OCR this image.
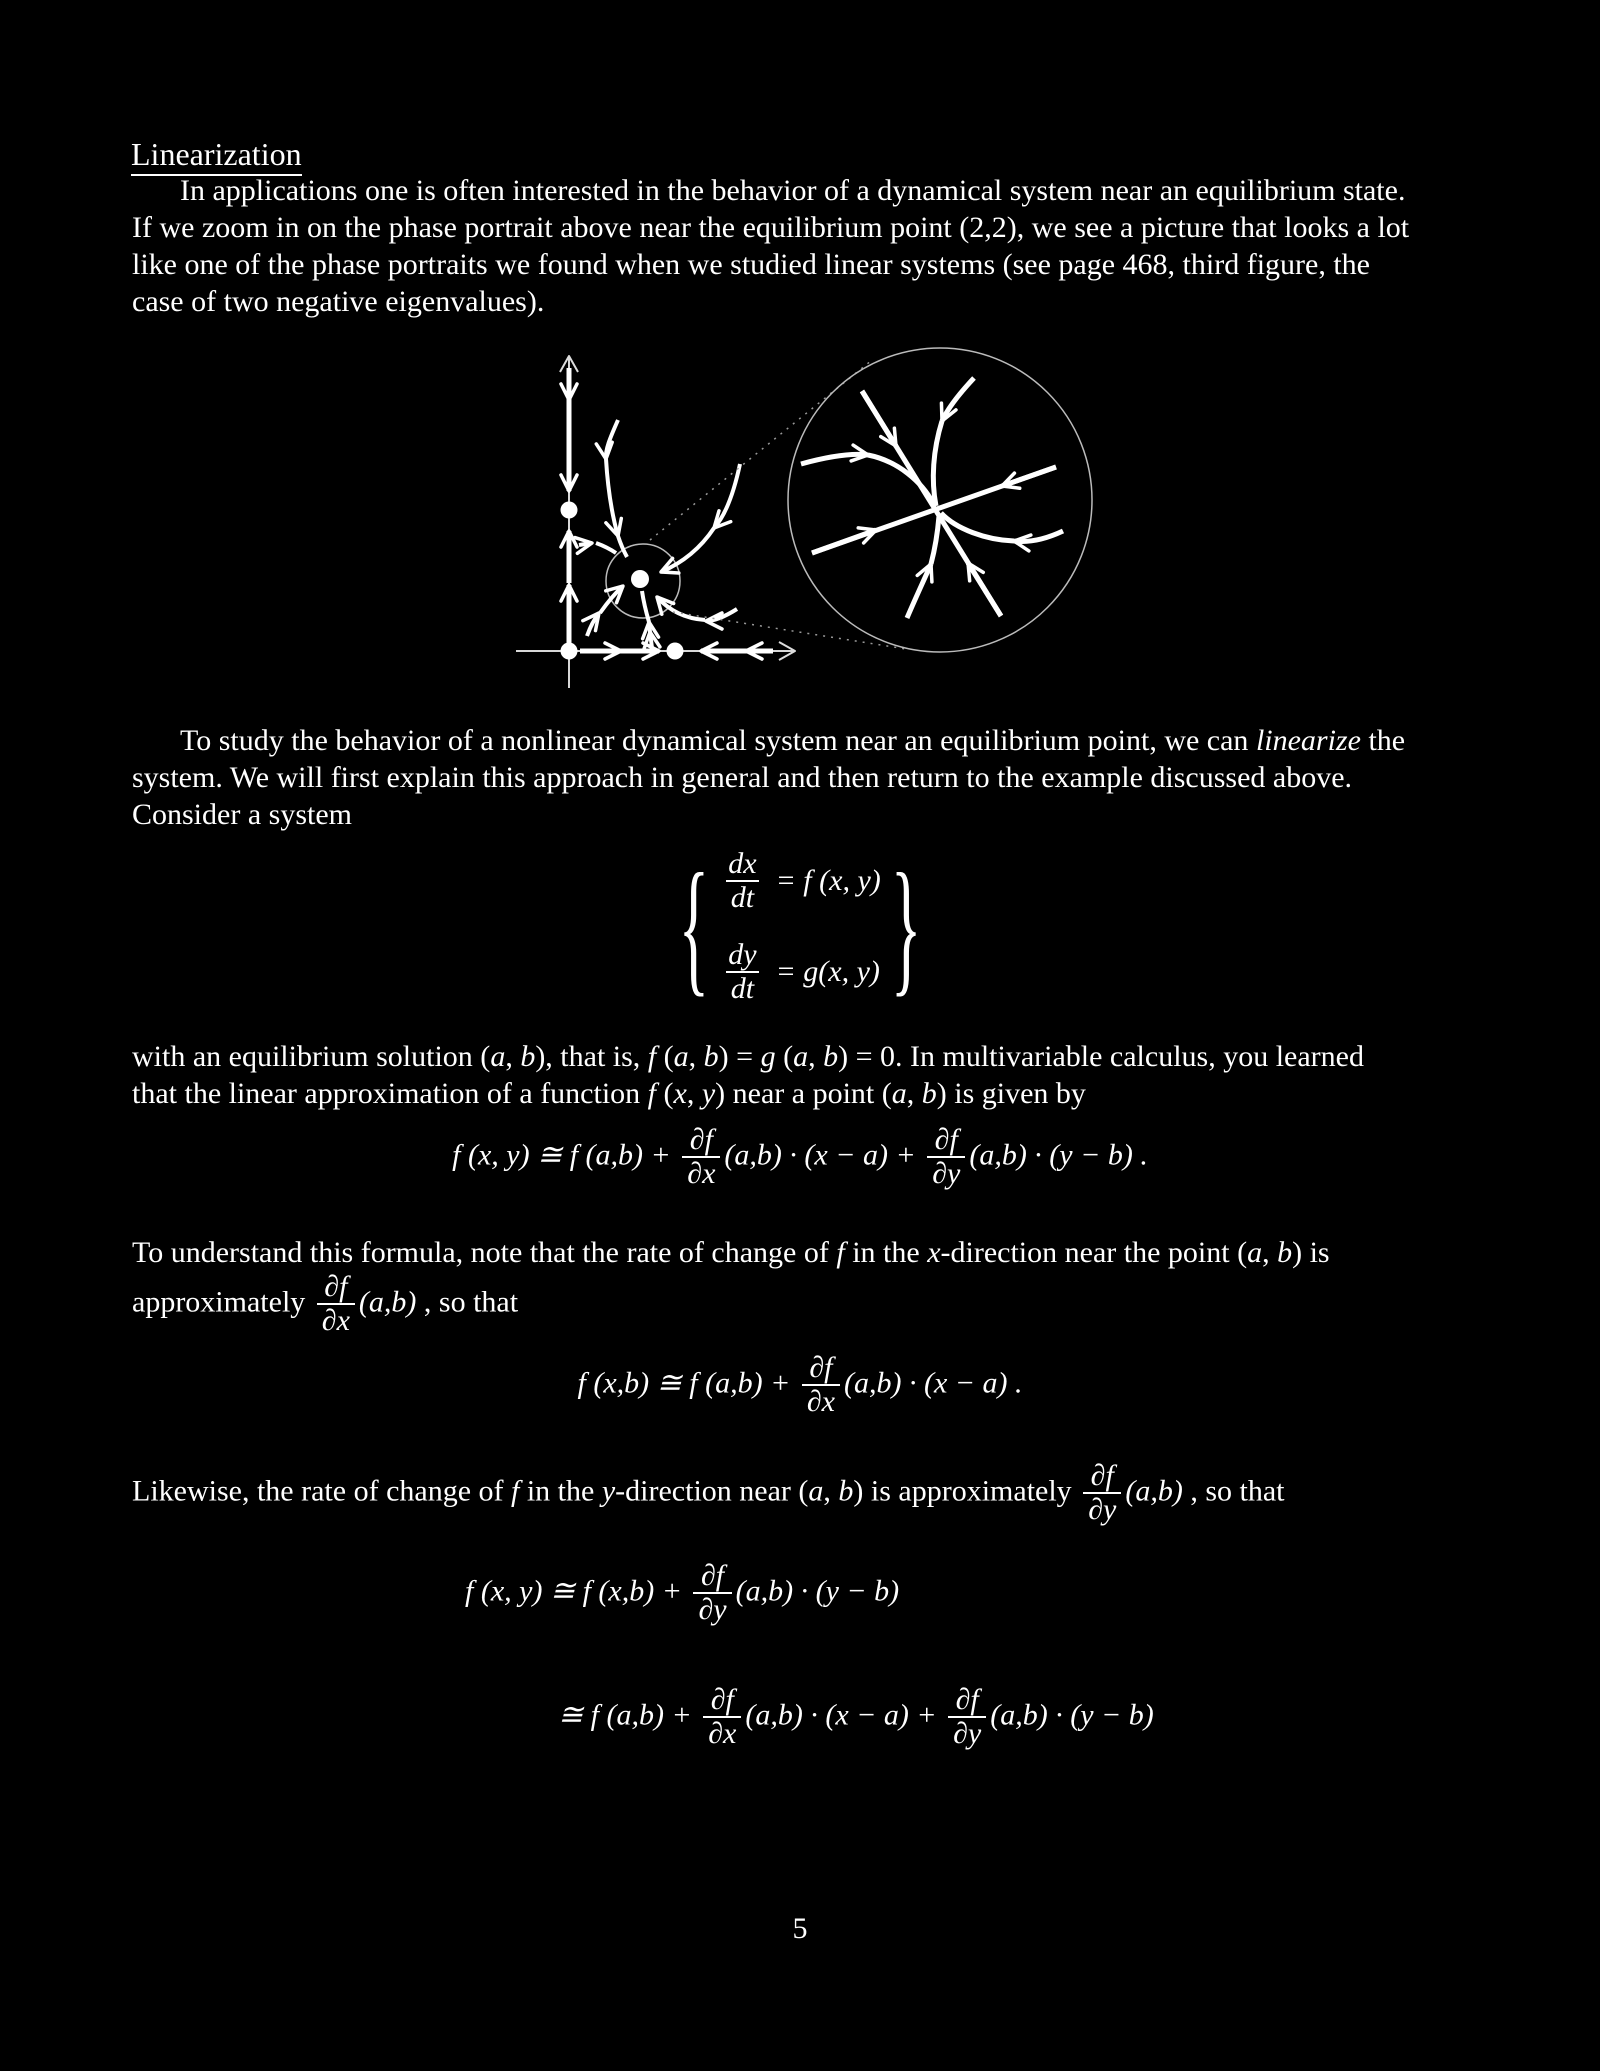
Linearization
In applications one is often interested in the behavior of a dynamical system near an equilibrium state.
If we zoom in on the phase portrait above near the equilibrium point (2,2), we see a picture that looks a lot
like one of the phase portraits we found when we studied linear systems (see page 468, third figure, the
case of two negative eigenvalues).
To study the behavior of a nonlinear dynamical system near an equilibrium point, we can linearize the
system. We will first explain this approach in general and then return to the example discussed above.
Consider a system
{ $\frac{dx}{dt} = f$ (x, y)
$\frac{dy}{dt} = g(x$, y) }
with an equilibrium solution (a, b), that is, f (a, b) = g (a, b) = 0. In multivariable calculus, you learned
that the linear approximation of a function f (x, y) near a point (a, b) is given by
f (x, y) ≅ f $(a,b) + \frac{\partial f}{\partial x} (a,b) \cdot (x - a) + \frac{\partial f}{\partial y} (a,b) \cdot (y - b)$ .
To understand this formula, note that the rate of change of f in the x-direction near the point (a, b) is
approximately $\frac{\partial f}{\partial x} (a,b)$ , so that
f (x,b) ≅ f $(a,b) + \frac{\partial f}{\partial x} (a,b) \cdot (x - a)$ .
Likewise, the rate of change of f in the y-direction near (a, b) is approximately $\frac{\partial f}{\partial y} (a,b)$ , so that
f (x, y) ≅ f $(x,b) + \frac{\partial f}{\partial y} (a,b) \cdot (y - b)$
≅ f $(a,b) + \frac{\partial f}{\partial x} (a,b) \cdot (x - a) + \frac{\partial f}{\partial y} (a,b) \cdot (y - b)$
5
